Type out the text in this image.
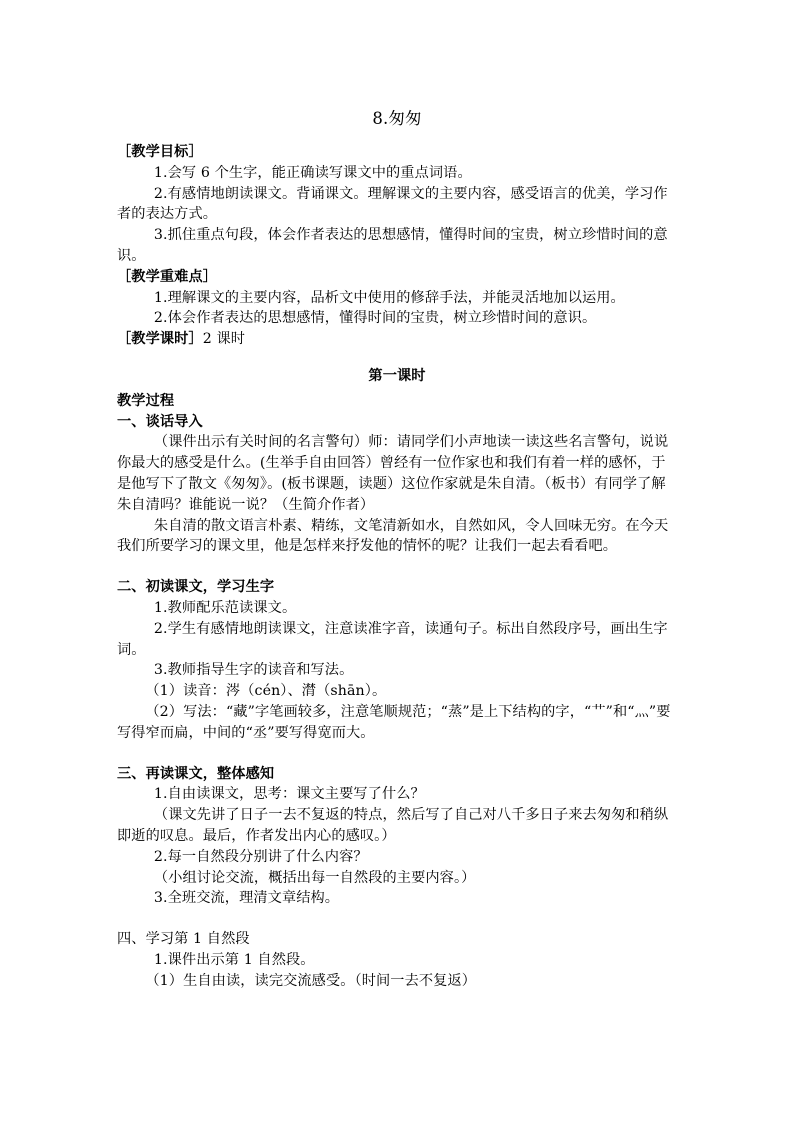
8.匆匆

［教学目标］

1.会写 6 个生字，能正确读写课文中的重点词语。

2.有感情地朗读课文。背诵课文。理解课文的主要内容，感受语言的优美，学习作者的表达方式。

3.抓住重点句段，体会作者表达的思想感情，懂得时间的宝贵，树立珍惜时间的意识。

［教学重难点］

1.理解课文的主要内容，品析文中使用的修辞手法，并能灵活地加以运用。

2.体会作者表达的思想感情，懂得时间的宝贵，树立珍惜时间的意识。

［教学课时］2 课时

第一课时

教学过程

一、谈话导入

（课件出示有关时间的名言警句）师：请同学们小声地读一读这些名言警句，说说你最大的感受是什么。(生举手自由回答）曾经有一位作家也和我们有着一样的感怀，于是他写下了散文《匆匆》。(板书课题，读题）这位作家就是朱自清。（板书）有同学了解朱自清吗？谁能说一说？（生简介作者）

朱自清的散文语言朴素、精练，文笔清新如水，自然如风，令人回味无穷。在今天我们所要学习的课文里，他是怎样来抒发他的情怀的呢？让我们一起去看看吧。

二、初读课文，学习生字

1.教师配乐范读课文。

2.学生有感情地朗读课文，注意读准字音，读通句子。标出自然段序号，画出生字词。

3.教师指导生字的读音和写法。

（1）读音：涔（cén）、潸（shān）。

（2）写法：“藏”字笔画较多，注意笔顺规范；“蒸”是上下结构的字，“艹”和“灬”要写得窄而扁，中间的“丞”要写得宽而大。

三、再读课文，整体感知

1.自由读课文，思考：课文主要写了什么？

（课文先讲了日子一去不复返的特点，然后写了自己对八千多日子来去匆匆和稍纵即逝的叹息。最后，作者发出内心的感叹。）

2.每一自然段分别讲了什么内容？

（小组讨论交流，概括出每一自然段的主要内容。）

3.全班交流，理清文章结构。

四、学习第 1 自然段

1.课件出示第 1 自然段。

（1）生自由读，读完交流感受。（时间一去不复返）
